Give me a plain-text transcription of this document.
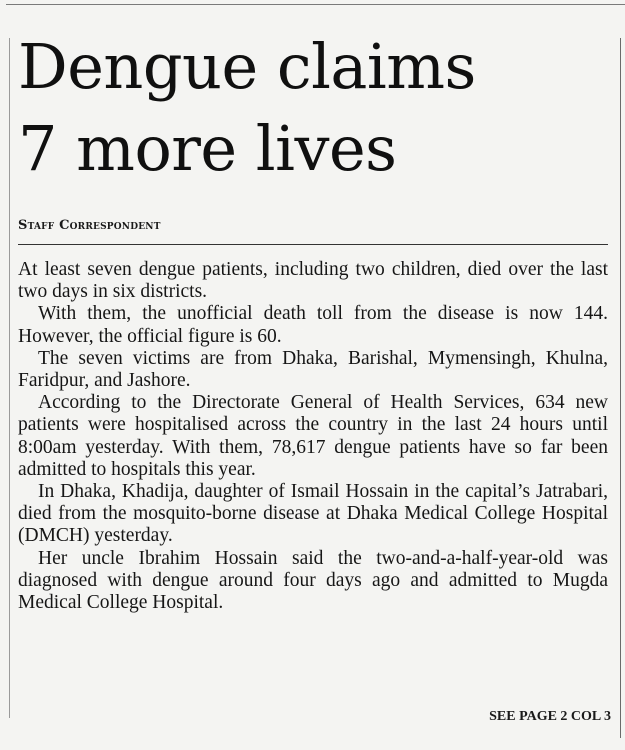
Dengue claims
7 more lives
Staff Correspondent

At least seven dengue patients, including two children, died over the last two days in six districts.

With them, the unofficial death toll from the disease is now 144. However, the official figure is 60.

The seven victims are from Dhaka, Barishal, Mymensingh, Khulna, Faridpur, and Jashore.

According to the Directorate General of Health Services, 634 new patients were hospitalised across the country in the last 24 hours until 8:00am yesterday. With them, 78,617 dengue patients have so far been admitted to hospitals this year.

In Dhaka, Khadija, daughter of Ismail Hossain in the capital’s Jatrabari, died from the mosquito-borne disease at Dhaka Medical College Hospital (DMCH) yesterday.

Her uncle Ibrahim Hossain said the two-and-a-half-year-old was diagnosed with dengue around four days ago and admitted to Mugda Medical College Hospital.

SEE PAGE 2 COL 3
